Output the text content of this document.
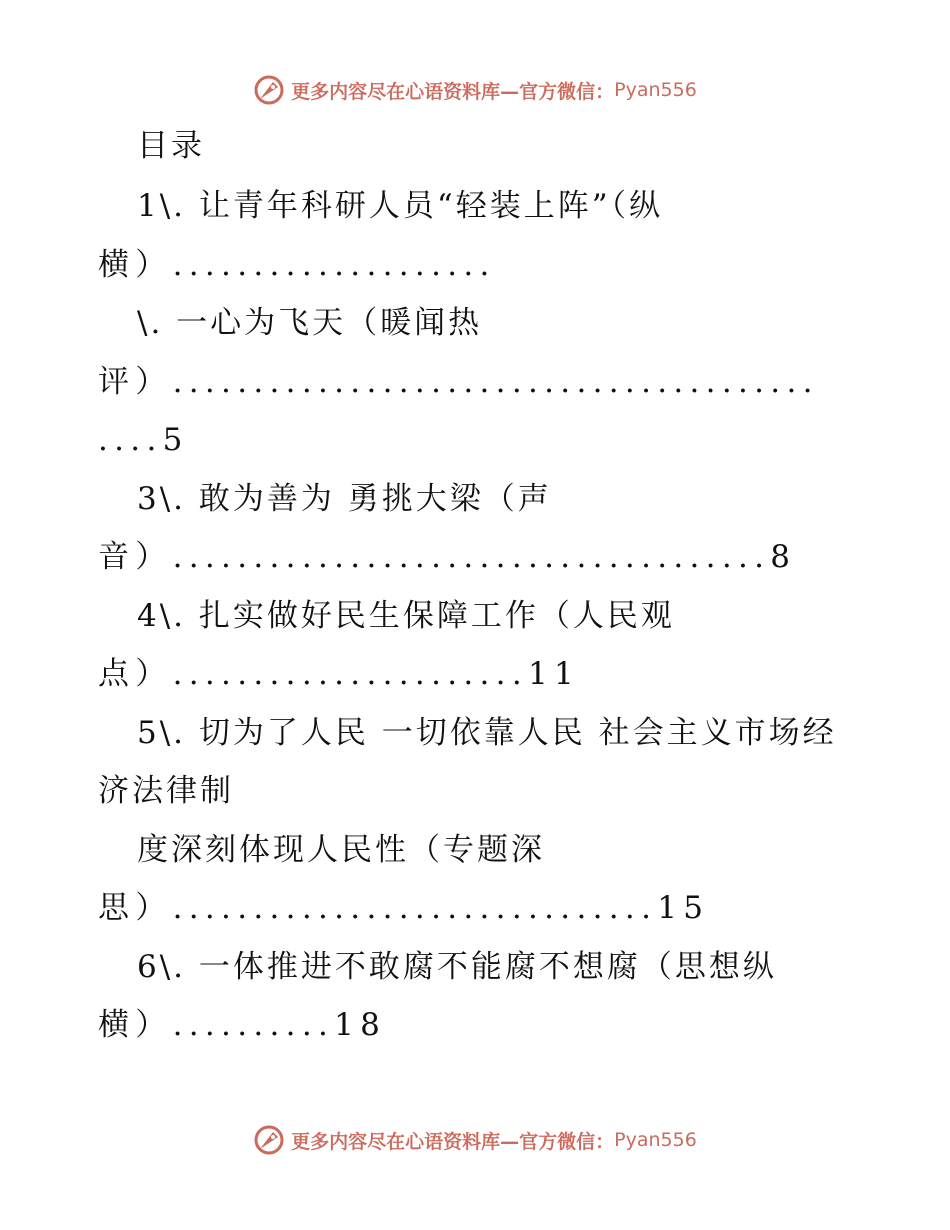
更多内容尽在心语资料库—官方微信： Pyan556
目录
1\. 让青年科研人员“轻装上阵”（纵
横）....................
\. 一心为飞天（暖闻热
评）........................................
....5
3\. 敢为善为 勇挑大梁（声
音）.....................................8
4\. 扎实做好民生保障工作（人民观
点）......................11
5\. 切为了人民 一切依靠人民 社会主义市场经
济法律制
度深刻体现人民性（专题深
思）..............................15
6\. 一体推进不敢腐不能腐不想腐（思想纵
横）..........18
更多内容尽在心语资料库—官方微信： Pyan556
